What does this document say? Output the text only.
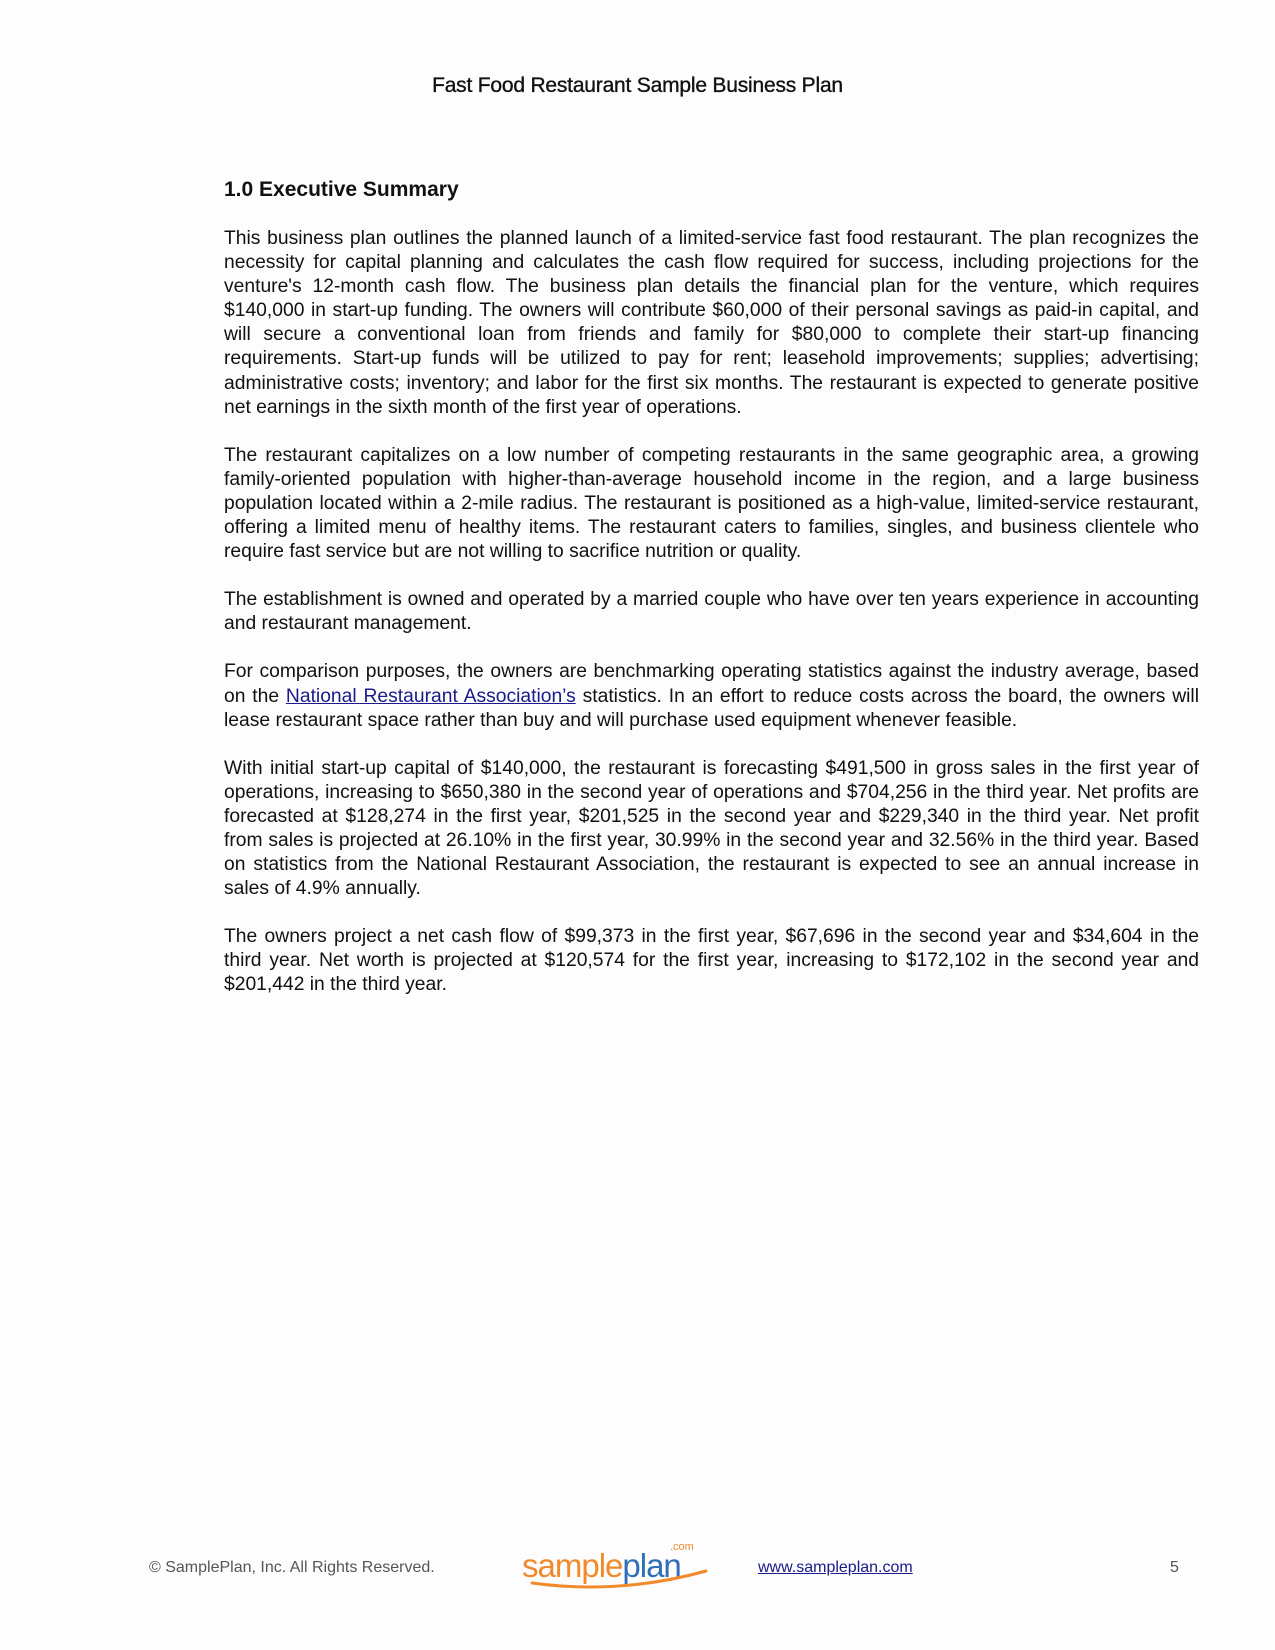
Fast Food Restaurant Sample Business Plan
1.0 Executive Summary

This business plan outlines the planned launch of a limited-service fast food restaurant. The plan recognizes the necessity for capital planning and calculates the cash flow required for success, including projections for the venture's 12-month cash flow. The business plan details the financial plan for the venture, which requires $140,000 in start-up funding. The owners will contribute $60,000 of their personal savings as paid-in capital, and will secure a conventional loan from friends and family for $80,000 to complete their start-up financing requirements. Start-up funds will be utilized to pay for rent; leasehold improvements; supplies; advertising; administrative costs; inventory; and labor for the first six months. The restaurant is expected to generate positive net earnings in the sixth month of the first year of operations.

The restaurant capitalizes on a low number of competing restaurants in the same geographic area, a growing family-oriented population with higher-than-average household income in the region, and a large business population located within a 2-mile radius. The restaurant is positioned as a high-value, limited-service restaurant, offering a limited menu of healthy items. The restaurant caters to families, singles, and business clientele who require fast service but are not willing to sacrifice nutrition or quality.

The establishment is owned and operated by a married couple who have over ten years experience in accounting and restaurant management.

For comparison purposes, the owners are benchmarking operating statistics against the industry average, based on the National Restaurant Association’s statistics. In an effort to reduce costs across the board, the owners will lease restaurant space rather than buy and will purchase used equipment whenever feasible.

With initial start-up capital of $140,000, the restaurant is forecasting $491,500 in gross sales in the first year of operations, increasing to $650,380 in the second year of operations and $704,256 in the third year. Net profits are forecasted at $128,274 in the first year, $201,525 in the second year and $229,340 in the third year. Net profit from sales is projected at 26.10% in the first year, 30.99% in the second year and 32.56% in the third year. Based on statistics from the National Restaurant Association, the restaurant is expected to see an annual increase in sales of 4.9% annually.

The owners project a net cash flow of $99,373 in the first year, $67,696 in the second year and $34,604 in the third year. Net worth is projected at $120,574 for the first year, increasing to $172,102 in the second year and $201,442 in the third year.

© SamplePlan, Inc. All Rights Reserved.
.com
sampleplan	www.sampleplan.com	5
